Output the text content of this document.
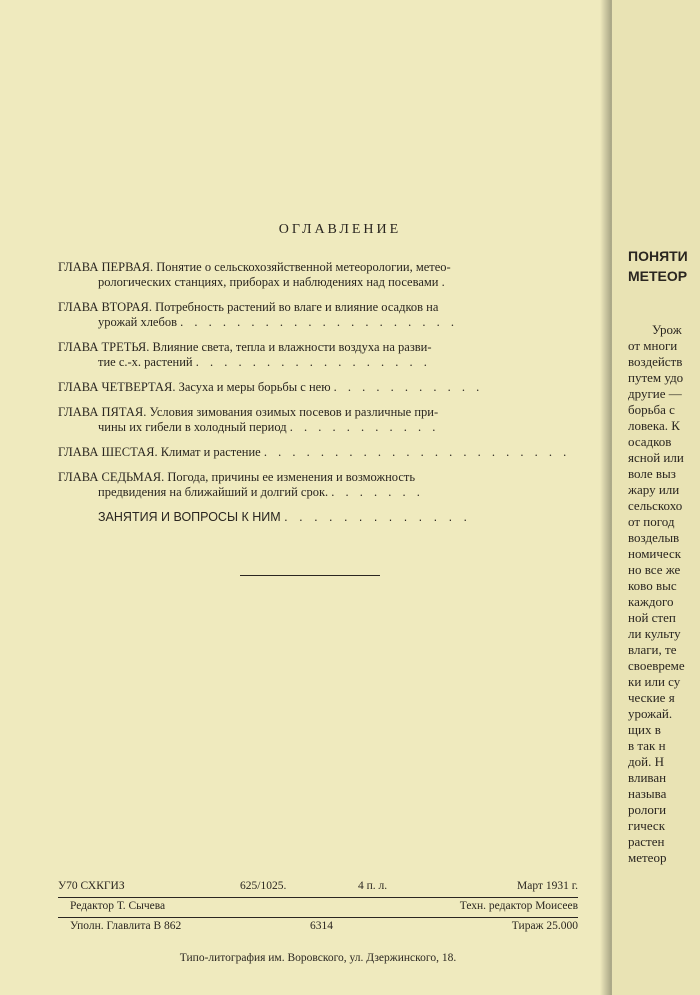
ОГЛАВЛЕНИЕ
ГЛАВА ПЕРВАЯ. Понятие о сельскохозяйственной метеорологии, метео-
рологических станциях, приборах и наблюдениях над посевами .
ГЛАВА ВТОРАЯ. Потребность растений во влаге и влияние осадков на
урожай хлебов . . . . . . . . . . . . . . . . . . . .
ГЛАВА ТРЕТЬЯ. Влияние света, тепла и влажности воздуха на разви-
тие с.-х. растений . . . . . . . . . . . . . . . . .
ГЛАВА ЧЕТВЕРТАЯ. Засуха и меры борьбы с нею . . . . . . . . . . .
ГЛАВА ПЯТАЯ. Условия зимования озимых посевов и различные при-
чины их гибели в холодный период . . . . . . . . . . .
ГЛАВА ШЕСТАЯ. Климат и растение . . . . . . . . . . . . . . . . . . . . . .
ГЛАВА СЕДЬМАЯ. Погода, причины ее изменения и возможность
предвидения на ближайший и долгий срок. . . . . . . .
ЗАНЯТИЯ И ВОПРОСЫ К НИМ . . . . . . . . . . . . .
У70 СХКГИЗ	625/1025.	4 п. л.	Март 1931 г.
Редактор Т. Сычева	Техн. редактор Моисеев
Уполн. Главлита В 862	6314	Тираж 25.000
Типо-литография им. Воровского, ул. Дзержинского, 18.
ПОНЯТИ
МЕТЕОР
Урож
от многи
воздейств
путем удо
другие —
борьба с
ловека. К
осадков
ясной или
воле выз
жару или
сельскохо
от погод
возделыв
номическ
но все же
ково выс
каждого
ной степ
ли культу
влаги, те
своевреме
ки или су
ческие я
урожай.
щих в
в так н
дой. Н
вливан
называ
рологи
гическ
растен
метеор
